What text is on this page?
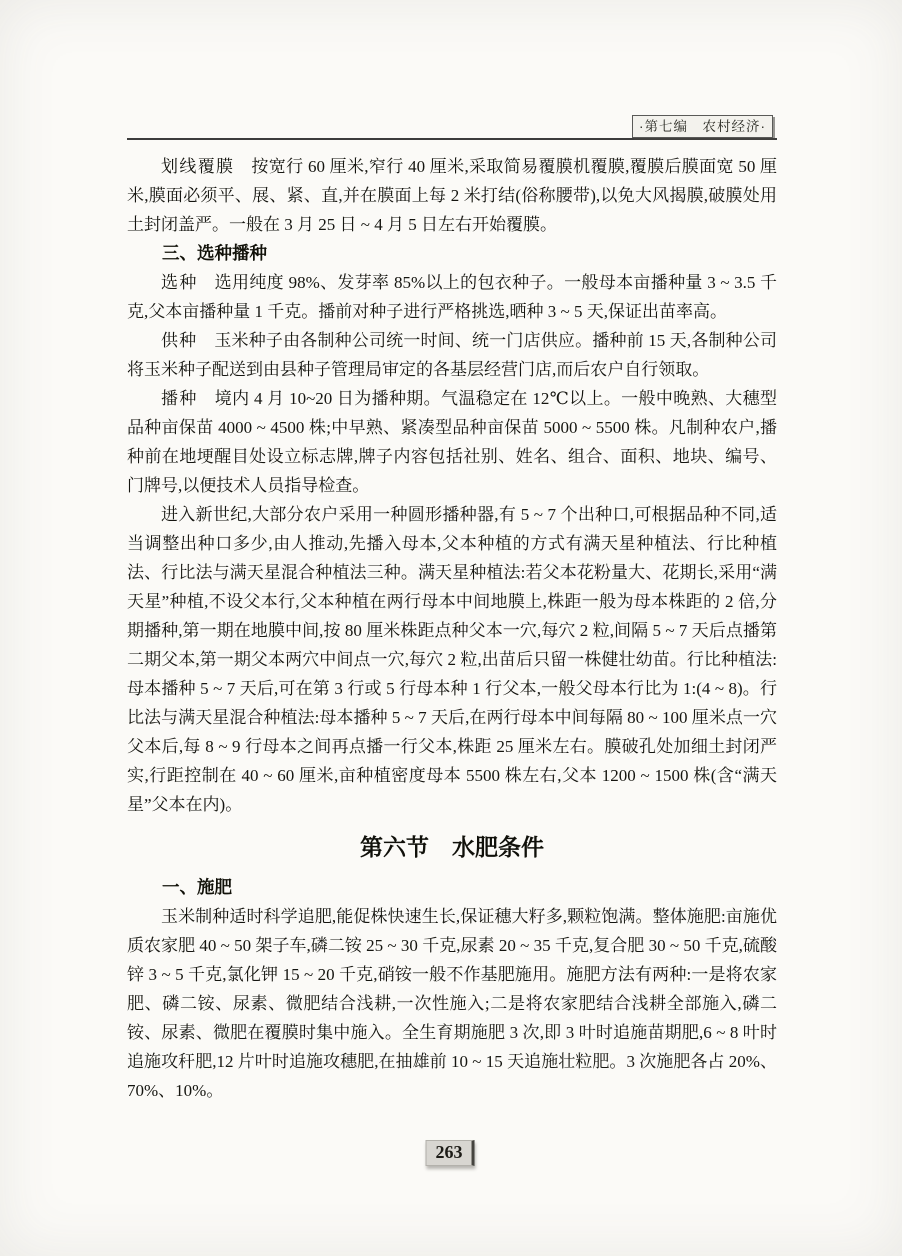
·第七编　农村经济·

划线覆膜 按宽行 60 厘米,窄行 40 厘米,采取简易覆膜机覆膜,覆膜后膜面宽 50 厘米,膜面必须平、展、紧、直,并在膜面上每 2 米打结(俗称腰带),以免大风揭膜,破膜处用土封闭盖严。一般在 3 月 25 日 ~ 4 月 5 日左右开始覆膜。

三、选种播种

选种 选用纯度 98%、发芽率 85%以上的包衣种子。一般母本亩播种量 3 ~ 3.5 千克,父本亩播种量 1 千克。播前对种子进行严格挑选,晒种 3 ~ 5 天,保证出苗率高。

供种 玉米种子由各制种公司统一时间、统一门店供应。播种前 15 天,各制种公司将玉米种子配送到由县种子管理局审定的各基层经营门店,而后农户自行领取。

播种 境内 4 月 10~20 日为播种期。气温稳定在 12℃以上。一般中晚熟、大穗型品种亩保苗 4000 ~ 4500 株;中早熟、紧凑型品种亩保苗 5000 ~ 5500 株。凡制种农户,播种前在地埂醒目处设立标志牌,牌子内容包括社别、姓名、组合、面积、地块、编号、门牌号,以便技术人员指导检查。

进入新世纪,大部分农户采用一种圆形播种器,有 5 ~ 7 个出种口,可根据品种不同,适当调整出种口多少,由人推动,先播入母本,父本种植的方式有满天星种植法、行比种植法、行比法与满天星混合种植法三种。满天星种植法:若父本花粉量大、花期长,采用“满天星”种植,不设父本行,父本种植在两行母本中间地膜上,株距一般为母本株距的 2 倍,分期播种,第一期在地膜中间,按 80 厘米株距点种父本一穴,每穴 2 粒,间隔 5 ~ 7 天后点播第二期父本,第一期父本两穴中间点一穴,每穴 2 粒,出苗后只留一株健壮幼苗。行比种植法:母本播种 5 ~ 7 天后,可在第 3 行或 5 行母本种 1 行父本,一般父母本行比为 1:(4 ~ 8)。行比法与满天星混合种植法:母本播种 5 ~ 7 天后,在两行母本中间每隔 80 ~ 100 厘米点一穴父本后,每 8 ~ 9 行母本之间再点播一行父本,株距 25 厘米左右。膜破孔处加细土封闭严实,行距控制在 40 ~ 60 厘米,亩种植密度母本 5500 株左右,父本 1200 ~ 1500 株(含“满天星”父本在内)。

第六节　水肥条件
一、施肥

玉米制种适时科学追肥,能促株快速生长,保证穗大籽多,颗粒饱满。整体施肥:亩施优质农家肥 40 ~ 50 架子车,磷二铵 25 ~ 30 千克,尿素 20 ~ 35 千克,复合肥 30 ~ 50 千克,硫酸锌 3 ~ 5 千克,氯化钾 15 ~ 20 千克,硝铵一般不作基肥施用。施肥方法有两种:一是将农家肥、磷二铵、尿素、微肥结合浅耕,一次性施入;二是将农家肥结合浅耕全部施入,磷二铵、尿素、微肥在覆膜时集中施入。全生育期施肥 3 次,即 3 叶时追施苗期肥,6 ~ 8 叶时追施攻秆肥,12 片叶时追施攻穗肥,在抽雄前 10 ~ 15 天追施壮粒肥。3 次施肥各占 20%、70%、10%。

263
